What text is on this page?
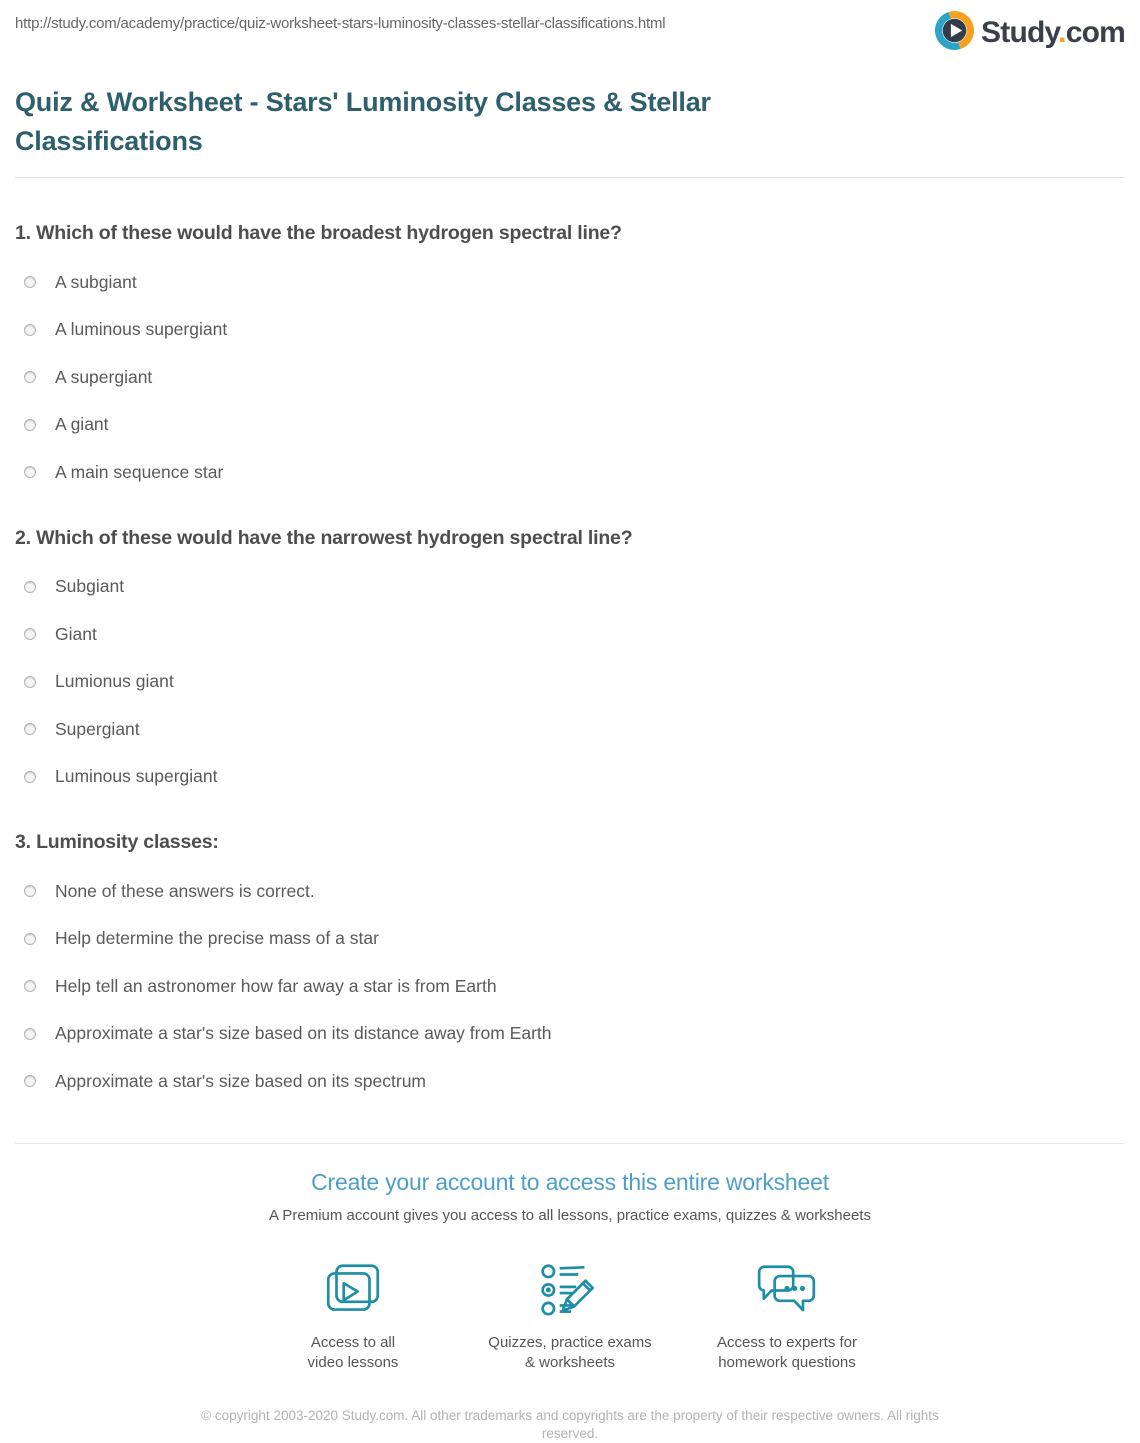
http://study.com/academy/practice/quiz-worksheet-stars-luminosity-classes-stellar-classifications.html	Study.com
Quiz & Worksheet - Stars' Luminosity Classes & Stellar Classifications
1. Which of these would have the broadest hydrogen spectral line?
A subgiant
A luminous supergiant
A supergiant
A giant
A main sequence star
2. Which of these would have the narrowest hydrogen spectral line?
Subgiant
Giant
Lumionus giant
Supergiant
Luminous supergiant
3. Luminosity classes:
None of these answers is correct.
Help determine the precise mass of a star
Help tell an astronomer how far away a star is from Earth
Approximate a star's size based on its distance away from Earth
Approximate a star's size based on its spectrum
Create your account to access this entire worksheet
A Premium account gives you access to all lessons, practice exams, quizzes & worksheets
Access to all
video lessons
Quizzes, practice exams
& worksheets
Access to experts for
homework questions
© copyright 2003-2020 Study.com. All other trademarks and copyrights are the property of their respective owners. All rights reserved.
